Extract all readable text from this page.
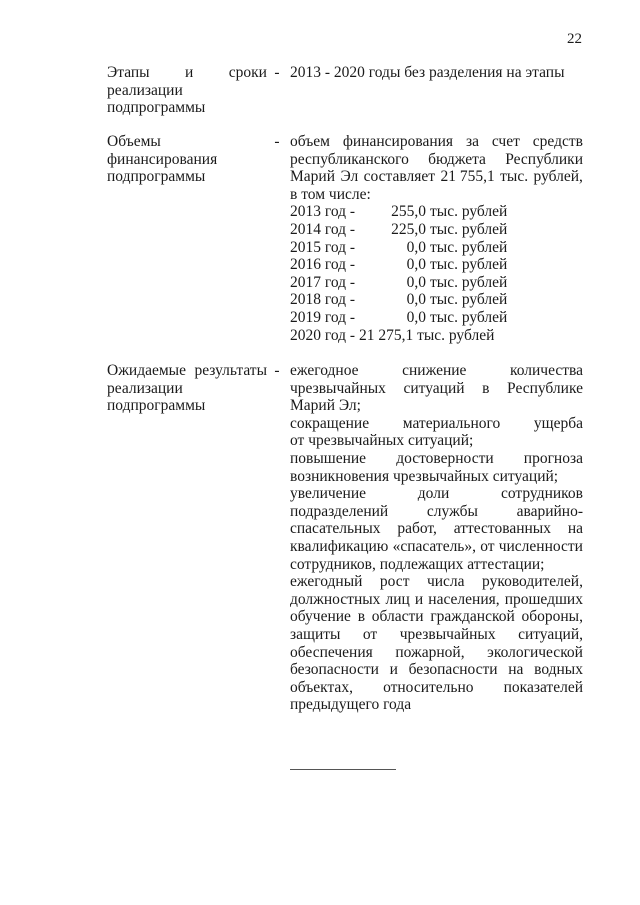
22
Этапы и сроки
реализации
подпрограммы
- 2013 - 2020 годы без разделения на этапы
Объемы
финансирования
подпрограммы
- объем финансирования за счет средств
республиканского бюджета Республики
Марий Эл составляет 21 755,1 тыс. рублей,
в том числе:
2013 год -	255,0 тыс. рублей
2014 год -	225,0 тыс. рублей
2015 год -	0,0 тыс. рублей
2016 год -	0,0 тыс. рублей
2017 год -	0,0 тыс. рублей
2018 год -	0,0 тыс. рублей
2019 год -	0,0 тыс. рублей
2020 год - 21 275,1 тыс. рублей
Ожидаемые результаты
реализации
подпрограммы
- ежегодное	снижение	количества
чрезвычайных ситуаций в Республике
Марий Эл;
сокращение материального ущерба
от чрезвычайных ситуаций;
повышение достоверности прогноза
возникновения чрезвычайных ситуаций;
увеличение	доли	сотрудников
подразделений службы аварийно-
спасательных работ, аттестованных на
квалификацию «спасатель», от численности
сотрудников, подлежащих аттестации;
ежегодный рост числа руководителей,
должностных лиц и населения, прошедших
обучение в области гражданской обороны,
защиты от чрезвычайных ситуаций,
обеспечения пожарной, экологической
безопасности и безопасности на водных
объектах, относительно показателей
предыдущего года
